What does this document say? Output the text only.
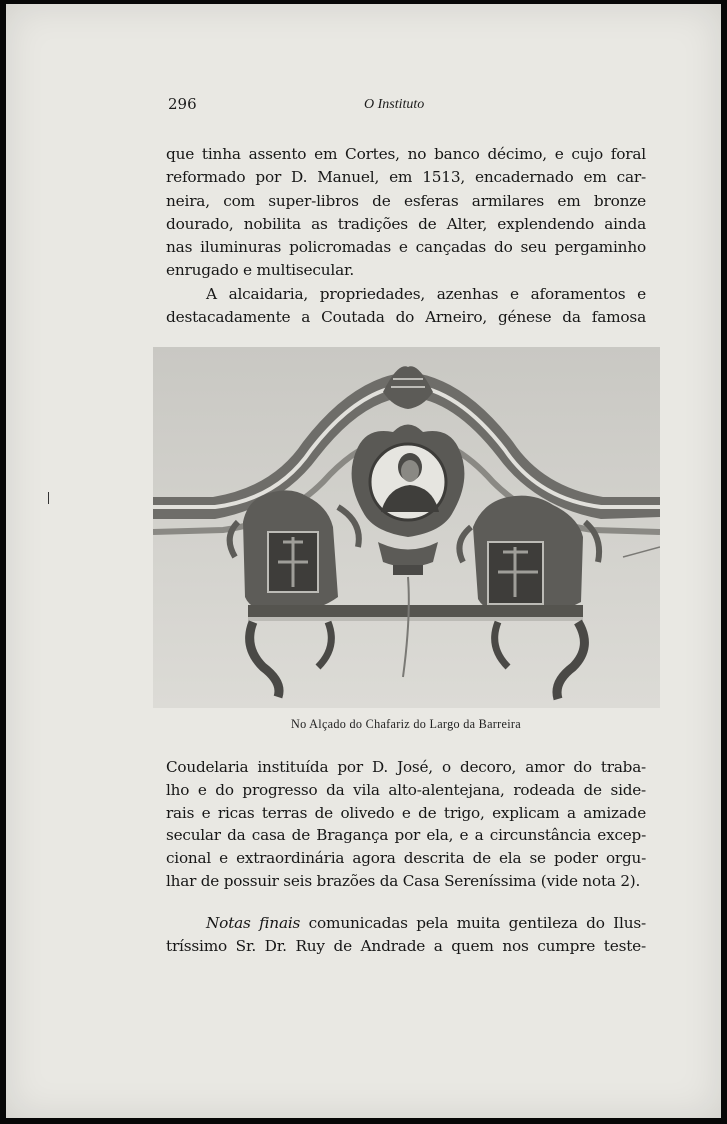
296	O Instituto
que tinha assento em Cortes, no banco décimo, e cujo foral
reformado por D. Manuel, em 1513, encadernado em car-
neira, com super-libros de esferas armilares em bronze
dourado, nobilita as tradições de Alter, explendendo ainda
nas iluminuras policromadas e cançadas do seu pergaminho
enrugado e multisecular.
A alcaidaria, propriedades, azenhas e aforamentos e
destacadamente a Coutada do Arneiro, génese da famosa
No Alçado do Chafariz do Largo da Barreira
Coudelaria instituída por D. José, o decoro, amor do traba-
lho e do progresso da vila alto-alentejana, rodeada de side-
rais e ricas terras de olivedo e de trigo, explicam a amizade
secular da casa de Bragança por ela, e a circunstância excep-
cional e extraordinária agora descrita de ela se poder orgu-
lhar de possuir seis brazões da Casa Sereníssima (vide nota 2).
Notas finais comunicadas pela muita gentileza do Ilus-
tríssimo Sr. Dr. Ruy de Andrade a quem nos cumpre teste-
